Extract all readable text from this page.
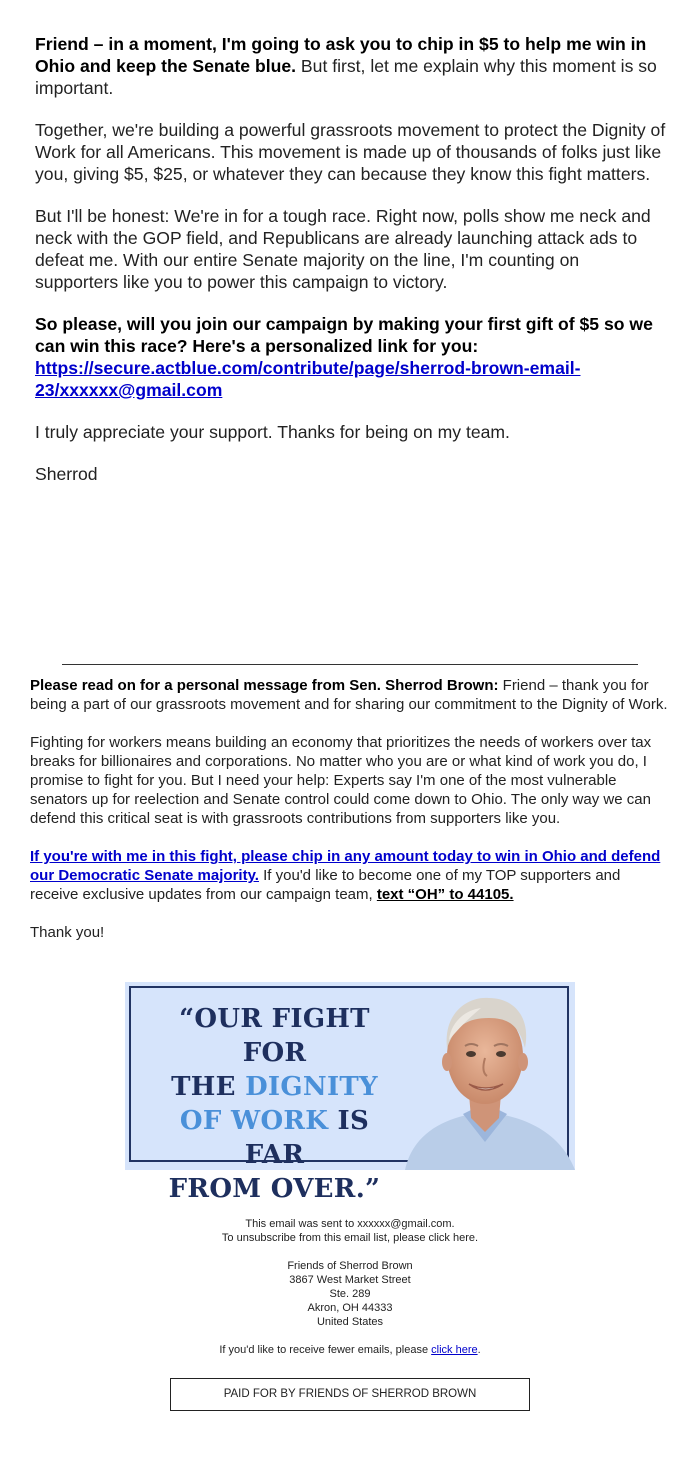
Friend – in a moment, I'm going to ask you to chip in $5 to help me win in Ohio and keep the Senate blue. But first, let me explain why this moment is so important.

Together, we're building a powerful grassroots movement to protect the Dignity of Work for all Americans. This movement is made up of thousands of folks just like you, giving $5, $25, or whatever they can because they know this fight matters.

But I'll be honest: We're in for a tough race. Right now, polls show me neck and neck with the GOP field, and Republicans are already launching attack ads to defeat me. With our entire Senate majority on the line, I'm counting on supporters like you to power this campaign to victory.

So please, will you join our campaign by making your first gift of $5 so we can win this race? Here's a personalized link for you:
https://secure.actblue.com/contribute/page/sherrod-brown-email-23/xxxxxx@gmail.com

I truly appreciate your support. Thanks for being on my team.

Sherrod

Please read on for a personal message from Sen. Sherrod Brown: Friend – thank you for being a part of our grassroots movement and for sharing our commitment to the Dignity of Work.

Fighting for workers means building an economy that prioritizes the needs of workers over tax breaks for billionaires and corporations. No matter who you are or what kind of work you do, I promise to fight for you. But I need your help: Experts say I'm one of the most vulnerable senators up for reelection and Senate control could come down to Ohio. The only way we can defend this critical seat is with grassroots contributions from supporters like you.

If you're with me in this fight, please chip in any amount today to win in Ohio and defend our Democratic Senate majority. If you'd like to become one of my TOP supporters and receive exclusive updates from our campaign team, text “OH” to 44105.

Thank you!

“OUR FIGHT FOR
THE DIGNITY
OF WORK IS FAR
FROM OVER.”

This email was sent to xxxxxx@gmail.com.
To unsubscribe from this email list, please click here.

Friends of Sherrod Brown
3867 West Market Street
Ste. 289
Akron, OH 44333
United States

If you'd like to receive fewer emails, please click here.

PAID FOR BY FRIENDS OF SHERROD BROWN
